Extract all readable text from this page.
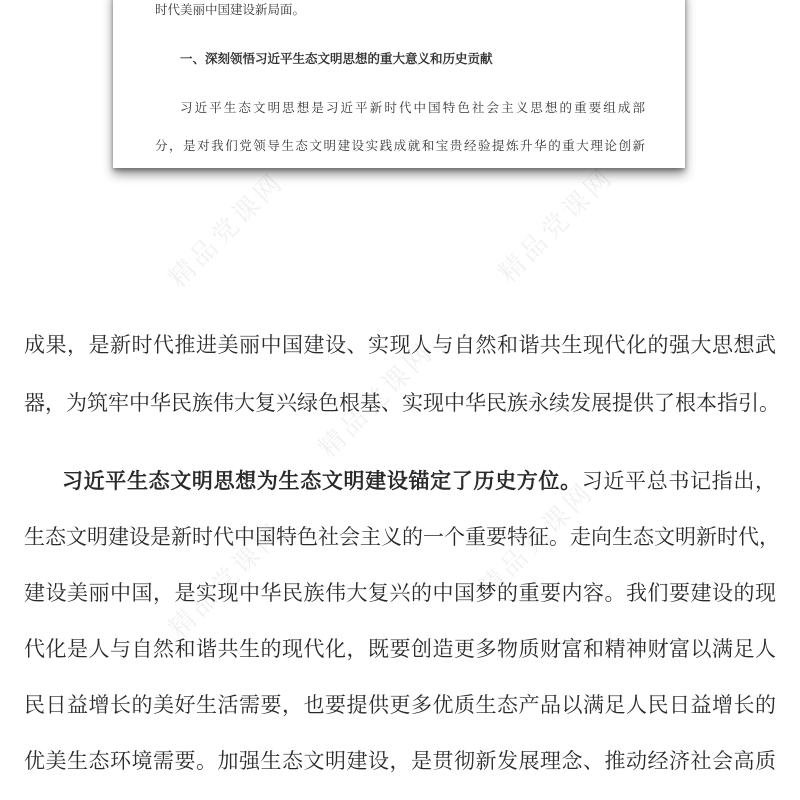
时代美丽中国建设新局面。
一、深刻领悟习近平生态文明思想的重大意义和历史贡献
习近平生态文明思想是习近平新时代中国特色社会主义思想的重要组成部
分，是对我们党领导生态文明建设实践成就和宝贵经验提炼升华的重大理论创新
精品党课网	精品党课网
精品党课网
精品党课网	精品党课网
成果，是新时代推进美丽中国建设、实现人与自然和谐共生现代化的强大思想武
器，为筑牢中华民族伟大复兴绿色根基、实现中华民族永续发展提供了根本指引。
习近平生态文明思想为生态文明建设锚定了历史方位。习近平总书记指出，
生态文明建设是新时代中国特色社会主义的一个重要特征。走向生态文明新时代，
建设美丽中国，是实现中华民族伟大复兴的中国梦的重要内容。我们要建设的现
代化是人与自然和谐共生的现代化，既要创造更多物质财富和精神财富以满足人
民日益增长的美好生活需要，也要提供更多优质生态产品以满足人民日益增长的
优美生态环境需要。加强生态文明建设，是贯彻新发展理念、推动经济社会高质
